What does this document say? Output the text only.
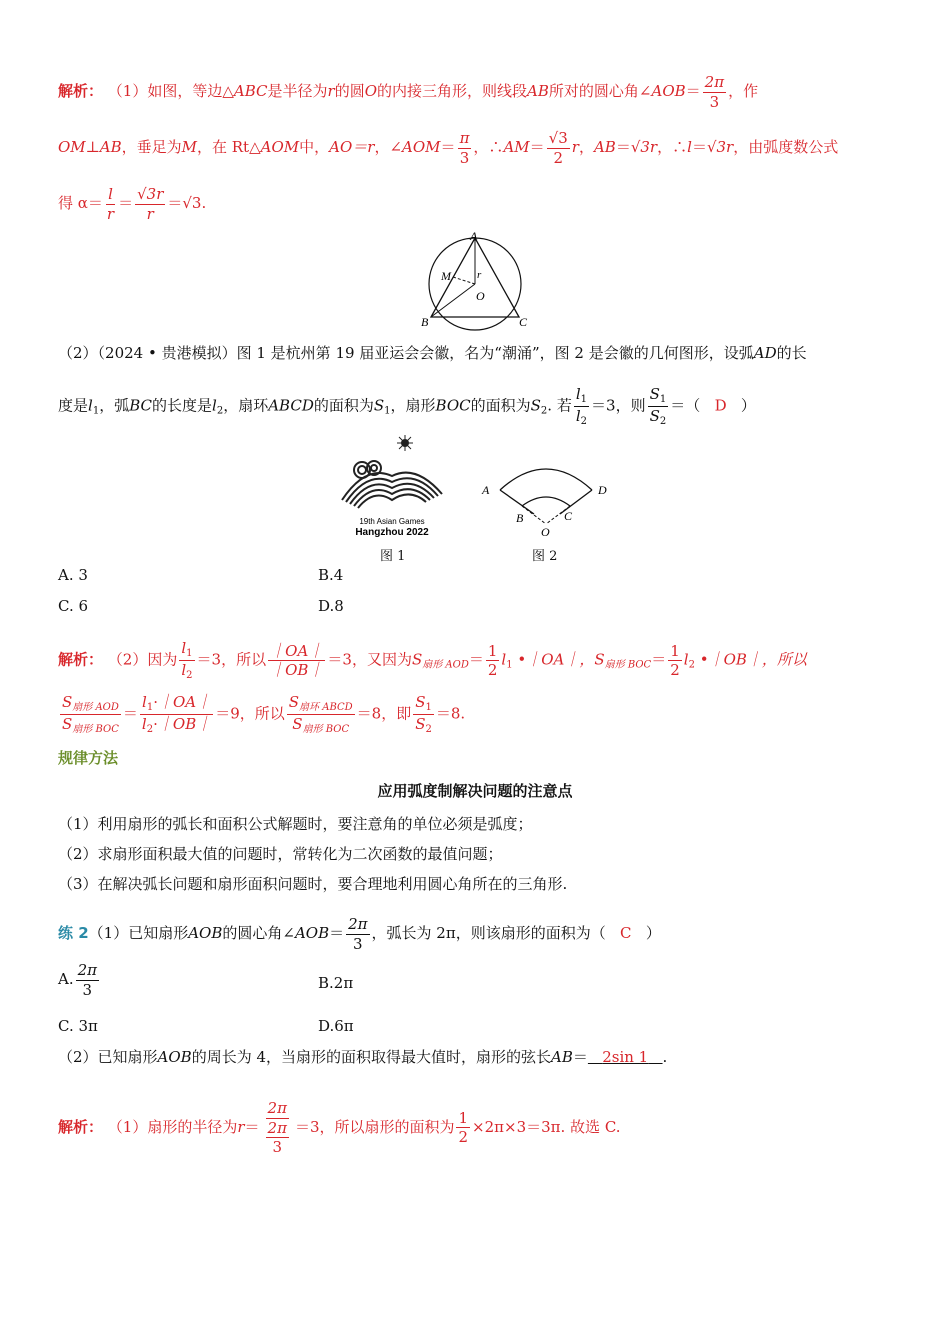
解析： （1）如图，等边△ABC是半径为r的圆O的内接三角形，则线段AB所对的圆心角∠AOB＝ $\frac{2\pi}{3}$ ，作
OM⊥AB，垂足为M，在 Rt△AOM中，AO＝r，∠AOM＝ $\frac{\pi}{3}$ ，∴AM＝ $\frac{√3}{2}$ r，AB＝√3r，∴l＝√3r，由弧度数公式
得 $\alpha= \frac{l}{r} = \frac{√3r}{r} =√3$.
A
M r
O
B	C
（2）（2024 • 贵港模拟）图 1 是杭州第 19 届亚运会会徽，名为“潮涌”，图 2 是会徽的几何图形，设弧AD的长
度是$l_1$，弧BC的长度是$l_2$，扇环ABCD的面积为$S_1$，扇形BOC的面积为$S_2$. 若 $\frac{l_1}{l_2} =3$，则 $\frac{S_1}{S_2}$ ＝（ D ）
19th Asian Games
Hangzhou 2022
图 1
A	D
B	C
O
图 2
A. 3	B.4
C. 6	D.8
解析： （2）因为 $\frac{l_1}{l_2} =3$，所以 $\frac{|OA|}{|OB|} =3$，又因为$S_{扇形 AOD}= \frac{1}{2} l_1$ •｜OA｜，$S_{扇形 BOC}= \frac{1}{2} l_2$ •｜OB｜，所以
$\frac{S_{扇形 AOD}}{S_{扇形 BOC}} = \frac{l_1\cdot|OA|}{l_2\cdot|OB|} =9$，所以 $\frac{S_{扇环 ABCD}}{S_{扇形 BOC}} =8$，即 $\frac{S_1}{S_2} =8$.
规律方法
应用弧度制解决问题的注意点
（1）利用扇形的弧长和面积公式解题时，要注意角的单位必须是弧度；
（2）求扇形面积最大值的问题时，常转化为二次函数的最值问题；
（3）在解决弧长问题和扇形面积问题时，要合理地利用圆心角所在的三角形.
练 2（1）已知扇形AOB的圆心角∠AOB＝ $\frac{2\pi}{3}$ ，弧长为 2π，则该扇形的面积为（ C ）
A. $\frac{2\pi}{3}$	B.2π
C. 3π	D.6π
（2）已知扇形AOB的周长为 4，当扇形的面积取得最大值时，扇形的弦长AB＝ 2sin 1 .
解析： （1）扇形的半径为$r= \frac{2\pi}{\frac{2\pi}{3}} =3$，所以扇形的面积为 $\frac{1}{2} \times 2\pi\times 3=3\pi$. 故选 C.
